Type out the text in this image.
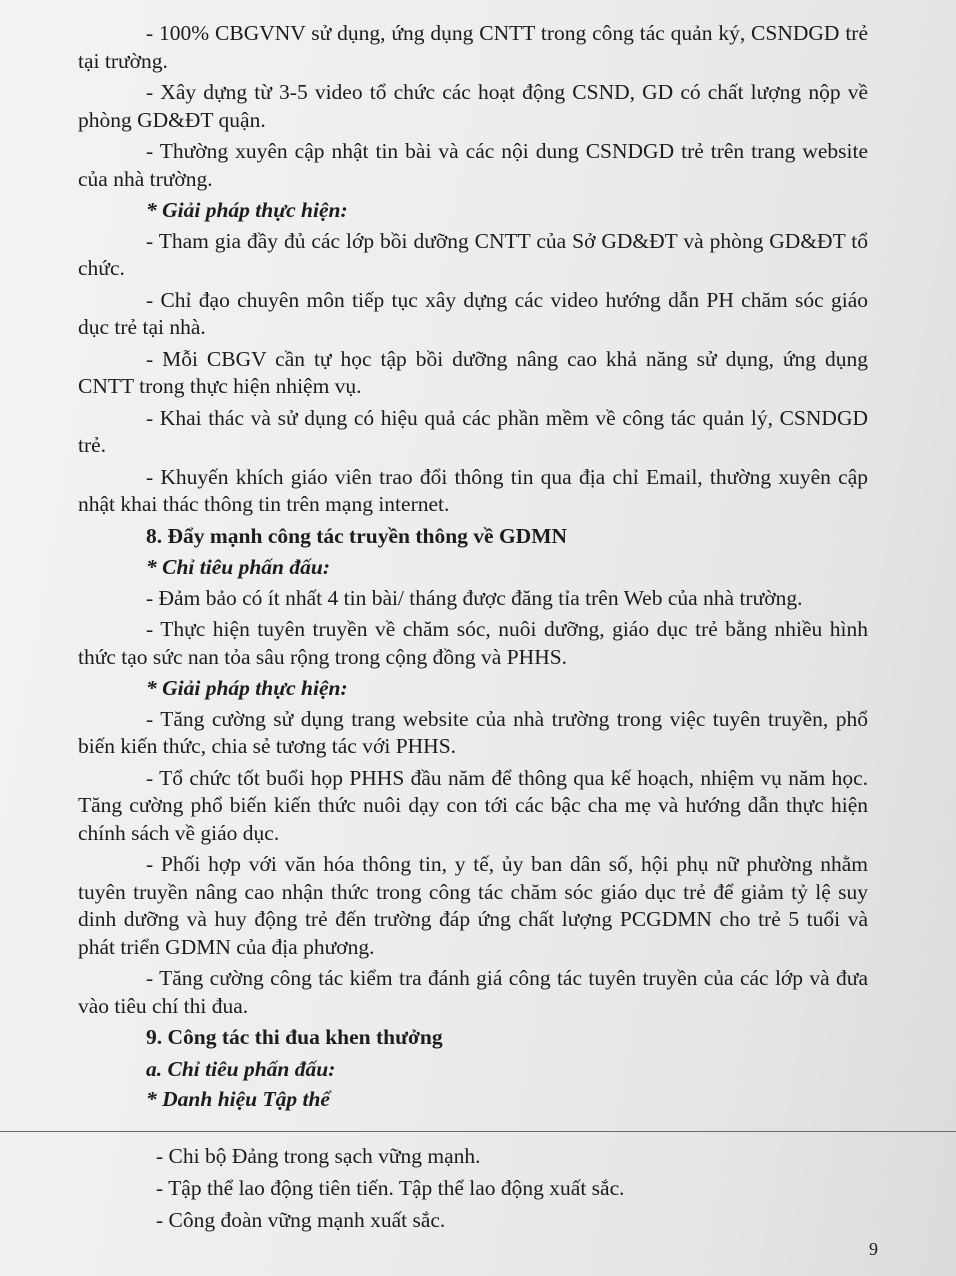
- 100% CBGVNV sử dụng, ứng dụng CNTT trong công tác quản ký, CSNDGD trẻ tại trường.

- Xây dựng từ 3-5 video tổ chức các hoạt động CSND, GD có chất lượng nộp về phòng GD&ĐT quận.

- Thường xuyên cập nhật tin bài và các nội dung CSNDGD trẻ trên trang website của nhà trường.

* Giải pháp thực hiện:

- Tham gia đầy đủ các lớp bồi dưỡng CNTT của Sở GD&ĐT và phòng GD&ĐT tổ chức.

- Chỉ đạo chuyên môn tiếp tục xây dựng các video hướng dẫn PH chăm sóc giáo dục trẻ tại nhà.

- Mỗi CBGV cần tự học tập bồi dưỡng nâng cao khả năng sử dụng, ứng dụng CNTT trong thực hiện nhiệm vụ.

- Khai thác và sử dụng có hiệu quả các phần mềm về công tác quản lý, CSNDGD trẻ.

- Khuyến khích giáo viên trao đổi thông tin qua địa chỉ Email, thường xuyên cập nhật khai thác thông tin trên mạng internet.

8. Đẩy mạnh công tác truyền thông về GDMN

* Chỉ tiêu phấn đấu:

- Đảm bảo có ít nhất 4 tin bài/ tháng được đăng tỉa trên Web của nhà trường.

- Thực hiện tuyên truyền về chăm sóc, nuôi dưỡng, giáo dục trẻ bằng nhiều hình thức tạo sức nan tỏa sâu rộng trong cộng đồng và PHHS.

* Giải pháp thực hiện:

- Tăng cường sử dụng trang website của nhà trường trong việc tuyên truyền, phổ biến kiến thức, chia sẻ tương tác với PHHS.

- Tổ chức tốt buổi họp PHHS đầu năm để thông qua kế hoạch, nhiệm vụ năm học. Tăng cường phổ biến kiến thức nuôi dạy con tới các bậc cha mẹ và hướng dẫn thực hiện chính sách về giáo dục.

- Phối hợp với văn hóa thông tin, y tế, ủy ban dân số, hội phụ nữ phường nhằm tuyên truyền nâng cao nhận thức trong công tác chăm sóc giáo dục trẻ để giảm tỷ lệ suy dinh dưỡng và huy động trẻ đến trường đáp ứng chất lượng PCGDMN cho trẻ 5 tuổi và phát triển GDMN của địa phương.

- Tăng cường công tác kiểm tra đánh giá công tác tuyên truyền của các lớp và đưa vào tiêu chí thi đua.

9. Công tác thi đua khen thưởng

a. Chỉ tiêu phấn đấu:

* Danh hiệu Tập thể

- Chi bộ Đảng trong sạch vững mạnh.

- Tập thể lao động tiên tiến. Tập thể lao động xuất sắc.

- Công đoàn vững mạnh xuất sắc.

9
